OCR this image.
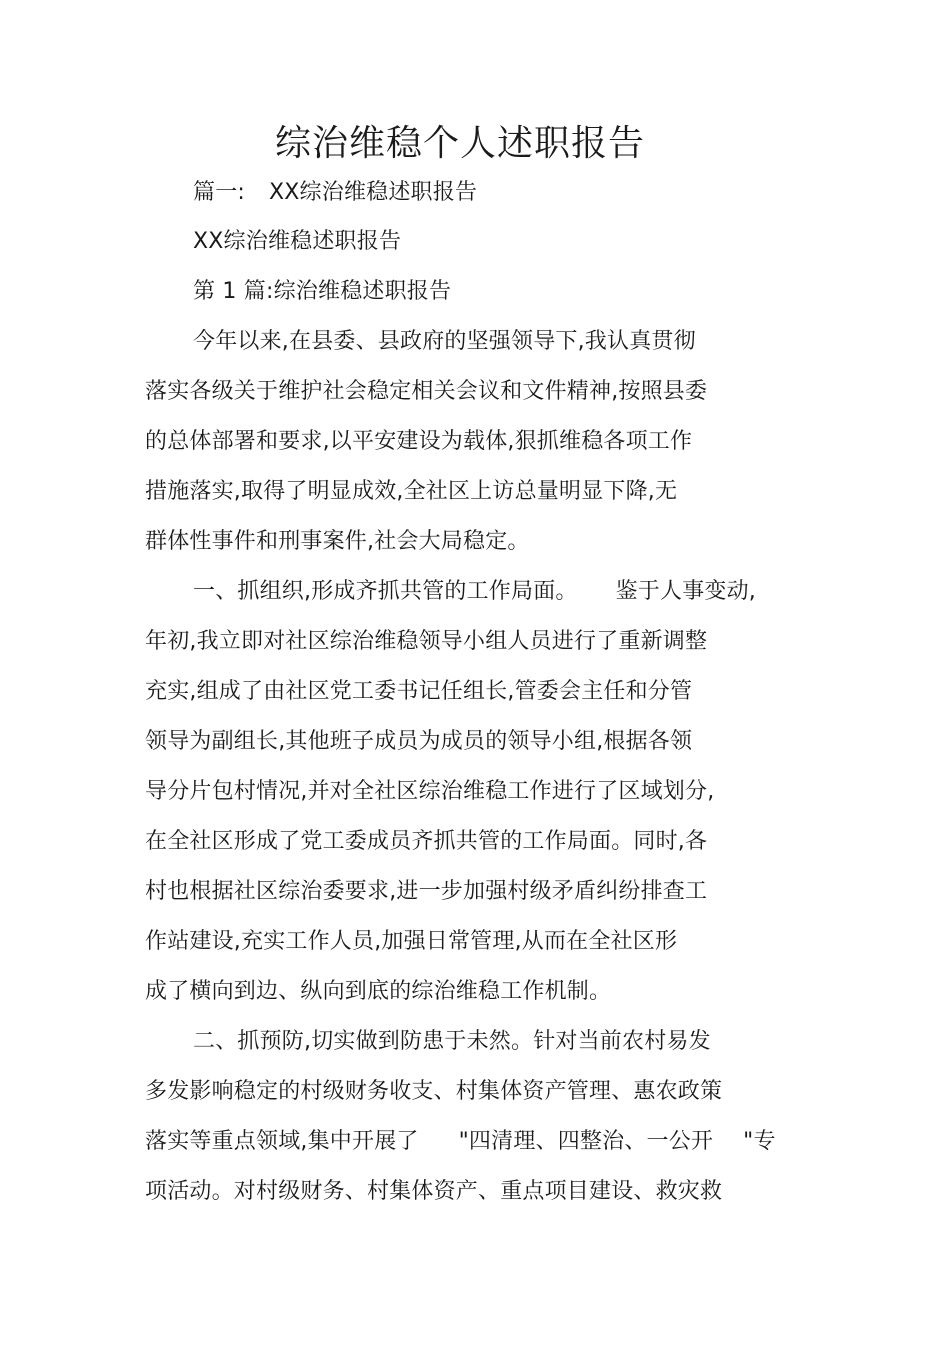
综治维稳个人述职报告
篇一: XX综治维稳述职报告
XX综治维稳述职报告
第 1 篇:综治维稳述职报告
今年以来,在县委、县政府的坚强领导下,我认真贯彻
落实各级关于维护社会稳定相关会议和文件精神,按照县委
的总体部署和要求,以平安建设为载体,狠抓维稳各项工作
措施落实,取得了明显成效,全社区上访总量明显下降,无
群体性事件和刑事案件,社会大局稳定。
一、抓组织,形成齐抓共管的工作局面。 鉴于人事变动,
年初,我立即对社区综治维稳领导小组人员进行了重新调整
充实,组成了由社区党工委书记任组长,管委会主任和分管
领导为副组长,其他班子成员为成员的领导小组,根据各领
导分片包村情况,并对全社区综治维稳工作进行了区域划分,
在全社区形成了党工委成员齐抓共管的工作局面。同时,各
村也根据社区综治委要求,进一步加强村级矛盾纠纷排查工
作站建设,充实工作人员,加强日常管理,从而在全社区形
成了横向到边、纵向到底的综治维稳工作机制。
二、抓预防,切实做到防患于未然。针对当前农村易发
多发影响稳定的村级财务收支、村集体资产管理、惠农政策
落实等重点领域,集中开展了 "四清理、四整治、一公开 "专
项活动。对村级财务、村集体资产、重点项目建设、救灾救
